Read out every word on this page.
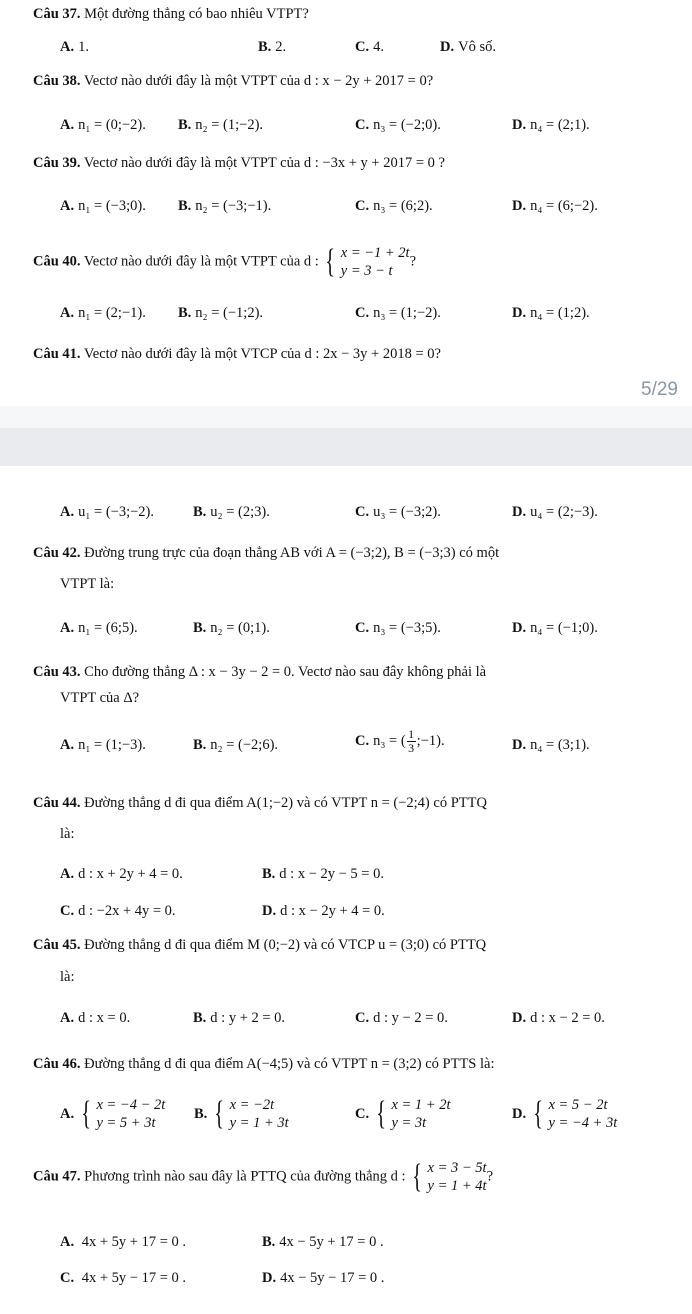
Câu 37. Một đường thẳng có bao nhiêu VTPT?
A. 1.	B. 2.	C. 4.	D. Vô số.
Câu 38. Vectơ nào dưới đây là một VTPT của d : x − 2y + 2017 = 0?
A. n₁ = (0;−2). B. n₂ = (1;−2).	C. n₃ = (−2;0).	D. n₄ = (2;1).
Câu 39. Vectơ nào dưới đây là một VTPT của d : −3x + y + 2017 = 0 ?
A. n₁ = (−3;0). B. n₂ = (−3;−1).	C. n₃ = (6;2).	D. n₄ = (6;−2).
Câu 40. Vectơ nào dưới đây là một VTPT của d : { x = −1 + 2t
y = 3 − t
?
A. n₁ = (2;−1). B. n₂ = (−1;2).	C. n₃ = (1;−2).	D. n₄ = (1;2).
Câu 41. Vectơ nào dưới đây là một VTCP của d : 2x − 3y + 2018 = 0?
5/29
A. u₁ = (−3;−2).	B. u₂ = (2;3).	C. u₃ = (−3;2).	D. u₄ = (2;−3).
Câu 42. Đường trung trực của đoạn thẳng AB với A = (−3;2), B = (−3;3) có một
VTPT là:
A. n₁ = (6;5).	B. n₂ = (0;1).	C. n₃ = (−3;5).	D. n₄ = (−1;0).
Câu 43. Cho đường thẳng Δ : x − 3y − 2 = 0. Vectơ nào sau đây không phải là
VTPT của Δ?
A. n₁ = (1;−3).	B. n₂ = (−2;6).	C. n₃ = ( $\frac{1}{3}$ ;−1).	D. n₄ = (3;1).
Câu 44. Đường thẳng d đi qua điểm A(1;−2) và có VTPT n = (−2;4) có PTTQ
là:
A. d : x + 2y + 4 = 0.	B. d : x − 2y − 5 = 0.
C. d : −2x + 4y = 0.	D. d : x − 2y + 4 = 0.
Câu 45. Đường thẳng d đi qua điểm M (0;−2) và có VTCP u = (3;0) có PTTQ
là:
A. d : x = 0.	B. d : y + 2 = 0.	C. d : y − 2 = 0.	D. d : x − 2 = 0.
Câu 46. Đường thẳng d đi qua điểm A(−4;5) và có VTPT n = (3;2) có PTTS là:
A. { x = −4 − 2t
y = 5 + 3t
B. { x = −2t
y = 1 + 3t
C. { x = 1 + 2t
y = 3t
D. { x = 5 − 2t
y = −4 + 3t
Câu 47. Phương trình nào sau đây là PTTQ của đường thẳng d : { x = 3 − 5t
y = 1 + 4t
?
A. 4x + 5y + 17 = 0 .	B. 4x − 5y + 17 = 0 .
C. 4x + 5y − 17 = 0 .	D. 4x − 5y − 17 = 0 .
